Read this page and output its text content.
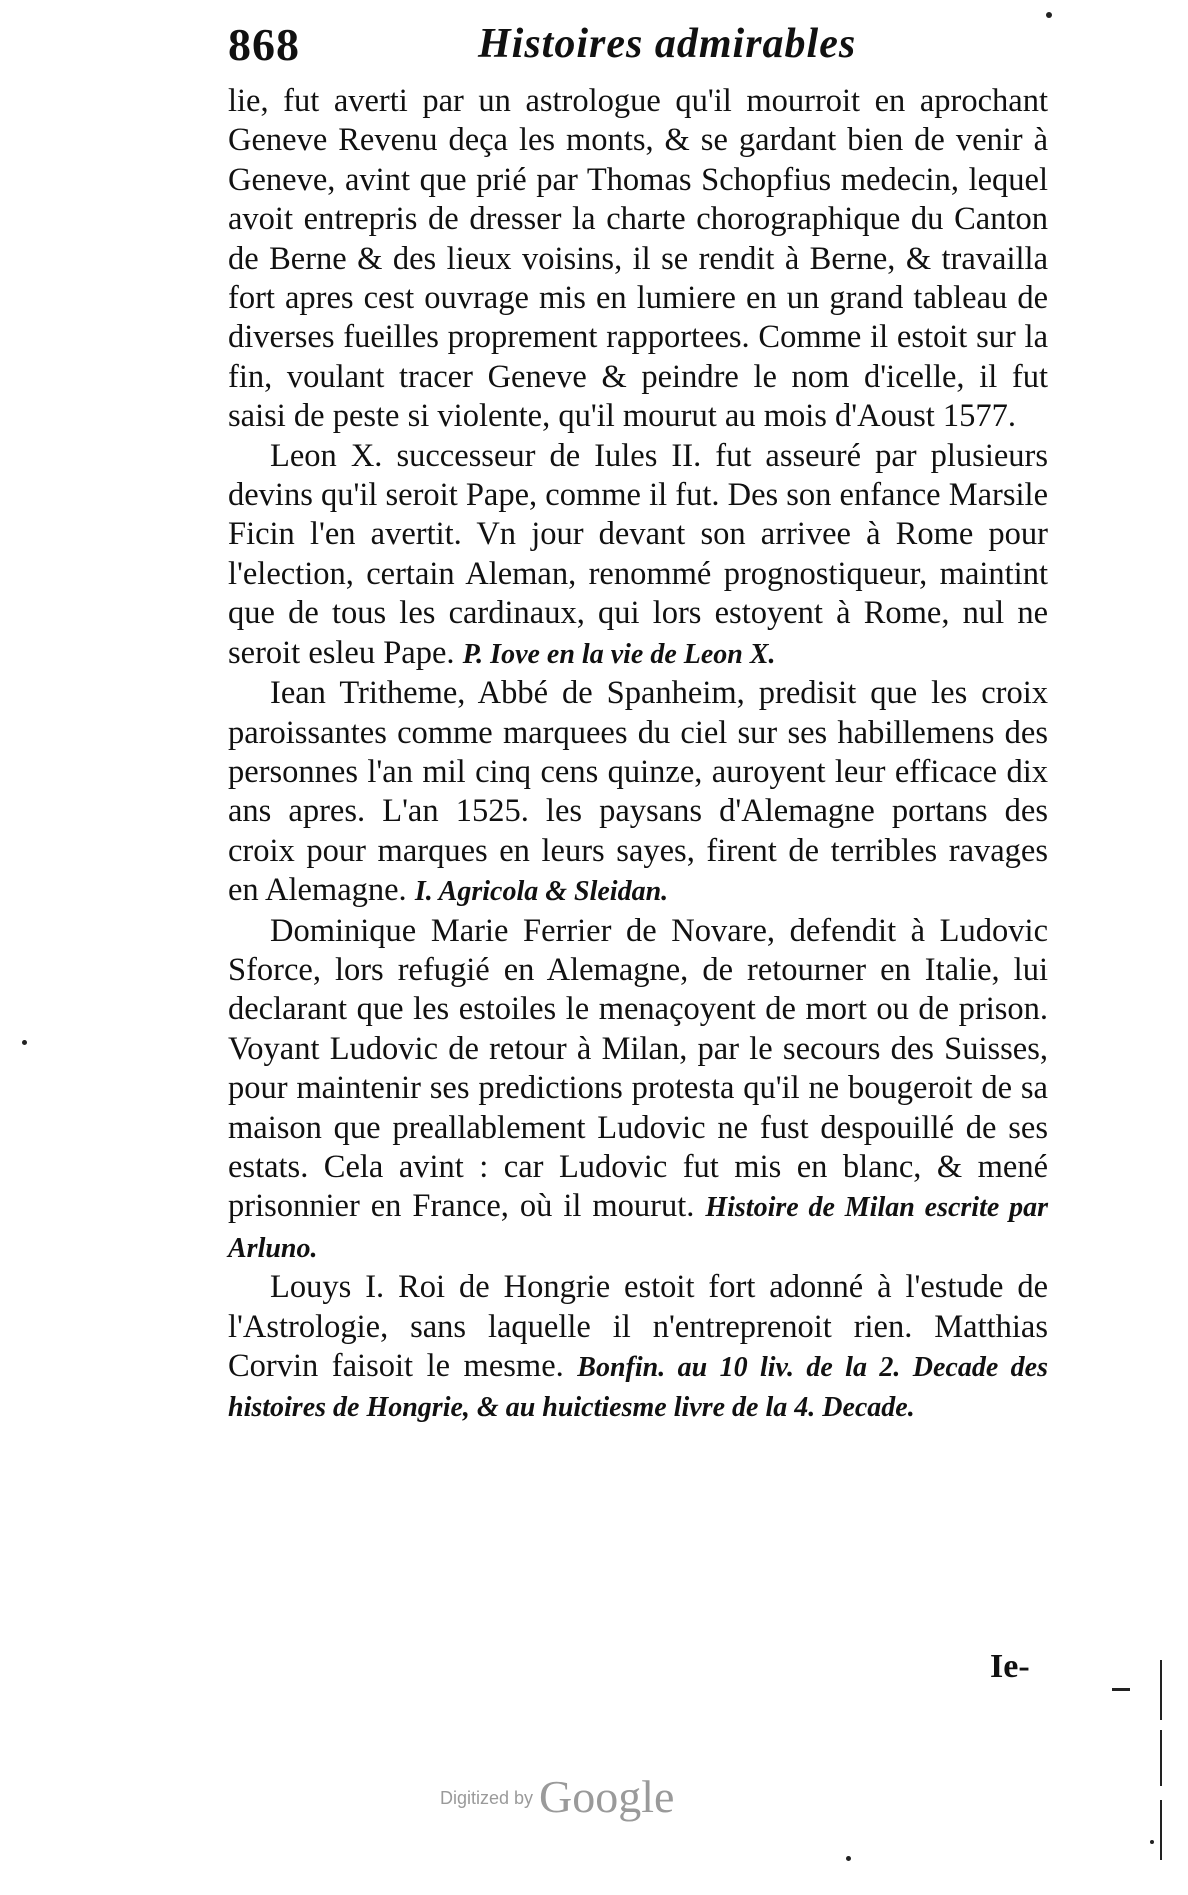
868	Histoires admirables

lie, fut averti par un astrologue qu'il mourroit en aprochant Geneve Revenu deça les monts, & se gardant bien de venir à Geneve, avint que prié par Thomas Schopfius medecin, lequel avoit entrepris de dresser la charte chorographique du Canton de Berne & des lieux voisins, il se rendit à Berne, & travailla fort apres cest ouvrage mis en lumiere en un grand tableau de diverses fueilles proprement rapportees. Comme il estoit sur la fin, voulant tracer Geneve & peindre le nom d'icelle, il fut saisi de peste si violente, qu'il mourut au mois d'Aoust 1577.

Leon X. successeur de Iules II. fut asseuré par plusieurs devins qu'il seroit Pape, comme il fut. Des son enfance Marsile Ficin l'en avertit. Vn jour devant son arrivee à Rome pour l'election, certain Aleman, renommé prognostiqueur, maintint que de tous les cardinaux, qui lors estoyent à Rome, nul ne seroit esleu Pape. P. Iove en la vie de Leon X.

Iean Tritheme, Abbé de Spanheim, predisit que les croix paroissantes comme marquees du ciel sur ses habillemens des personnes l'an mil cinq cens quinze, auroyent leur efficace dix ans apres. L'an 1525. les paysans d'Alemagne portans des croix pour marques en leurs sayes, firent de terribles ravages en Alemagne. I. Agricola & Sleidan.

Dominique Marie Ferrier de Novare, defendit à Ludovic Sforce, lors refugié en Alemagne, de retourner en Italie, lui declarant que les estoiles le menaçoyent de mort ou de prison. Voyant Ludovic de retour à Milan, par le secours des Suisses, pour maintenir ses predictions protesta qu'il ne bougeroit de sa maison que preallablement Ludovic ne fust despouillé de ses estats. Cela avint : car Ludovic fut mis en blanc, & mené prisonnier en France, où il mourut. Histoire de Milan escrite par Arluno.

Louys I. Roi de Hongrie estoit fort adonné à l'estude de l'Astrologie, sans laquelle il n'entreprenoit rien. Matthias Corvin faisoit le mesme. Bonfin. au 10 liv. de la 2. Decade des histoires de Hongrie, & au huictiesme livre de la 4. Decade.

Ie-
Digitized by Google
